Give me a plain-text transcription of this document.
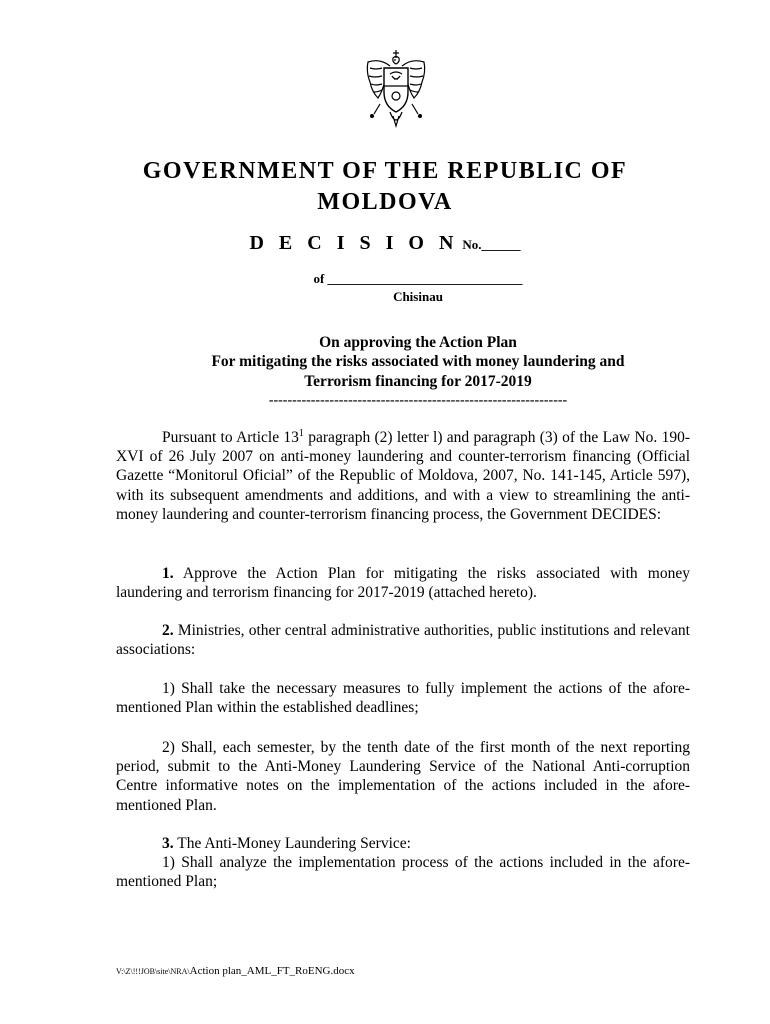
GOVERNMENT OF THE REPUBLIC OF
MOLDOVA
D E C I S I O N No.______
of ______________________________
Chisinau
On approving the Action Plan
For mitigating the risks associated with money laundering and
Terrorism financing for 2017-2019
----------------------------------------------------------------
Pursuant to Article $13^1$ paragraph (2) letter l) and paragraph (3) of the Law No. 190-XVI of 26 July 2007 on anti-money laundering and counter-terrorism financing (Official Gazette “Monitorul Oficial” of the Republic of Moldova, 2007, No. 141-145, Article 597), with its subsequent amendments and additions, and with a view to streamlining the anti-money laundering and counter-terrorism financing process, the Government DECIDES:
1. Approve the Action Plan for mitigating the risks associated with money laundering and terrorism financing for 2017-2019 (attached hereto).
2. Ministries, other central administrative authorities, public institutions and relevant associations:
1) Shall take the necessary measures to fully implement the actions of the afore-mentioned Plan within the established deadlines;
2) Shall, each semester, by the tenth date of the first month of the next reporting period, submit to the Anti-Money Laundering Service of the National Anti-corruption Centre informative notes on the implementation of the actions included in the afore-mentioned Plan.
3. The Anti-Money Laundering Service:
1) Shall analyze the implementation process of the actions included in the afore-mentioned Plan;
V:\Z\!!!JOB\site\NRA\Action plan_AML_FT_RoENG.docx
